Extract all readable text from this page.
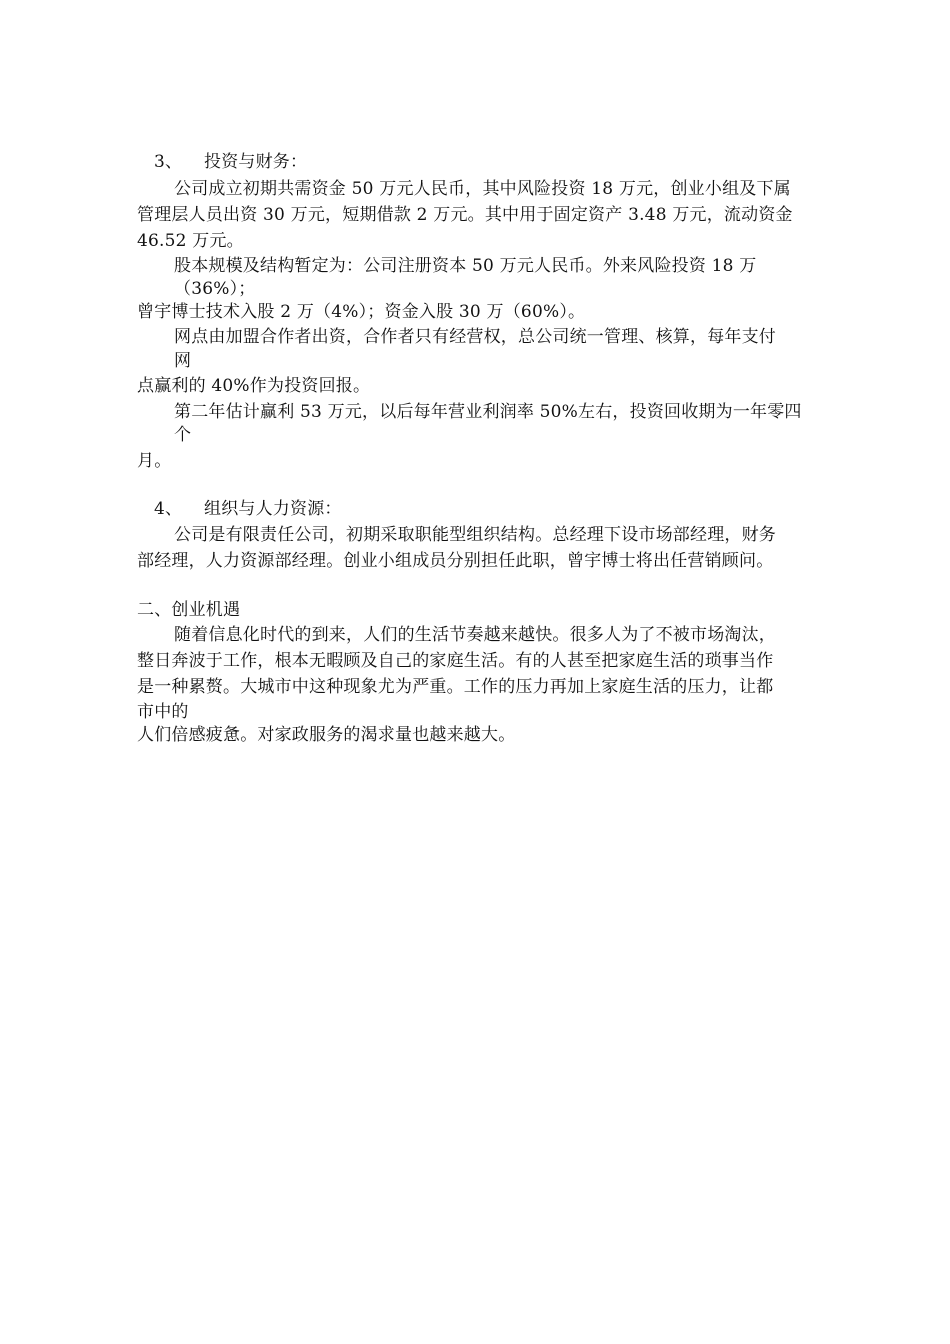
3、 投资与财务：
公司成立初期共需资金 50 万元人民币，其中风险投资 18 万元，创业小组及下属
管理层人员出资 30 万元，短期借款 2 万元。其中用于固定资产 3.48 万元，流动资金
46.52 万元。
股本规模及结构暂定为：公司注册资本 50 万元人民币。外来风险投资 18 万
（36%）；
曾宇博士技术入股 2 万（4%）；资金入股 30 万（60%）。
网点由加盟合作者出资，合作者只有经营权，总公司统一管理、核算，每年支付
网
点赢利的 40%作为投资回报。
第二年估计赢利 53 万元，以后每年营业利润率 50%左右，投资回收期为一年零四
个
月。
4、 组织与人力资源：
公司是有限责任公司，初期采取职能型组织结构。总经理下设市场部经理，财务
部经理，人力资源部经理。创业小组成员分别担任此职，曾宇博士将出任营销顾问。
二、创业机遇
随着信息化时代的到来，人们的生活节奏越来越快。很多人为了不被市场淘汰，
整日奔波于工作，根本无暇顾及自己的家庭生活。有的人甚至把家庭生活的琐事当作
是一种累赘。大城市中这种现象尤为严重。工作的压力再加上家庭生活的压力，让都
市中的
人们倍感疲惫。对家政服务的渴求量也越来越大。
